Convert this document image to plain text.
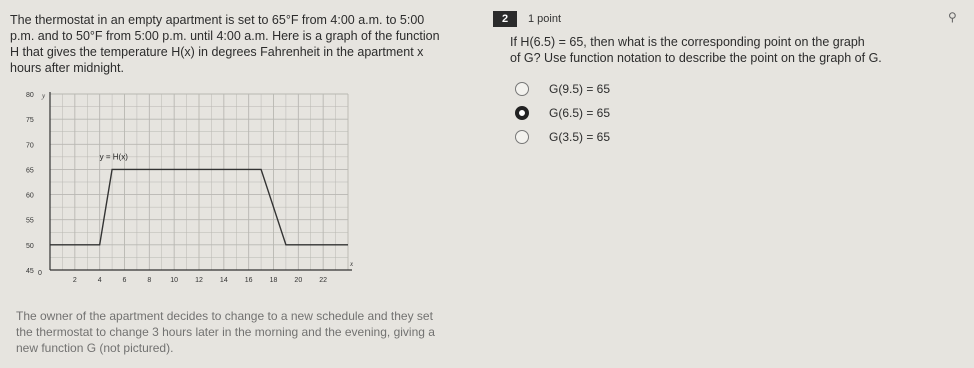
The thermostat in an empty apartment is set to 65°F from 4:00 a.m. to 5:00

p.m. and to 50°F from 5:00 p.m. until 4:00 a.m. Here is a graph of the function

H that gives the temperature H(x) in degrees Fahrenheit in the apartment x

hours after midnight.

2	4	6	8	10 12 14 16 18 20 22
45
50
55
60
65
70
75
80
0
x
y
y = H(x)

The owner of the apartment decides to change to a new schedule and they set

the thermostat to change 3 hours later in the morning and the evening, giving a

new function G (not pictured).

2	1 point	⚲

If H(6.5) = 65, then what is the corresponding point on the graph

of G? Use function notation to describe the point on the graph of G.

G(9.5) = 65
G(6.5) = 65
G(3.5) = 65
